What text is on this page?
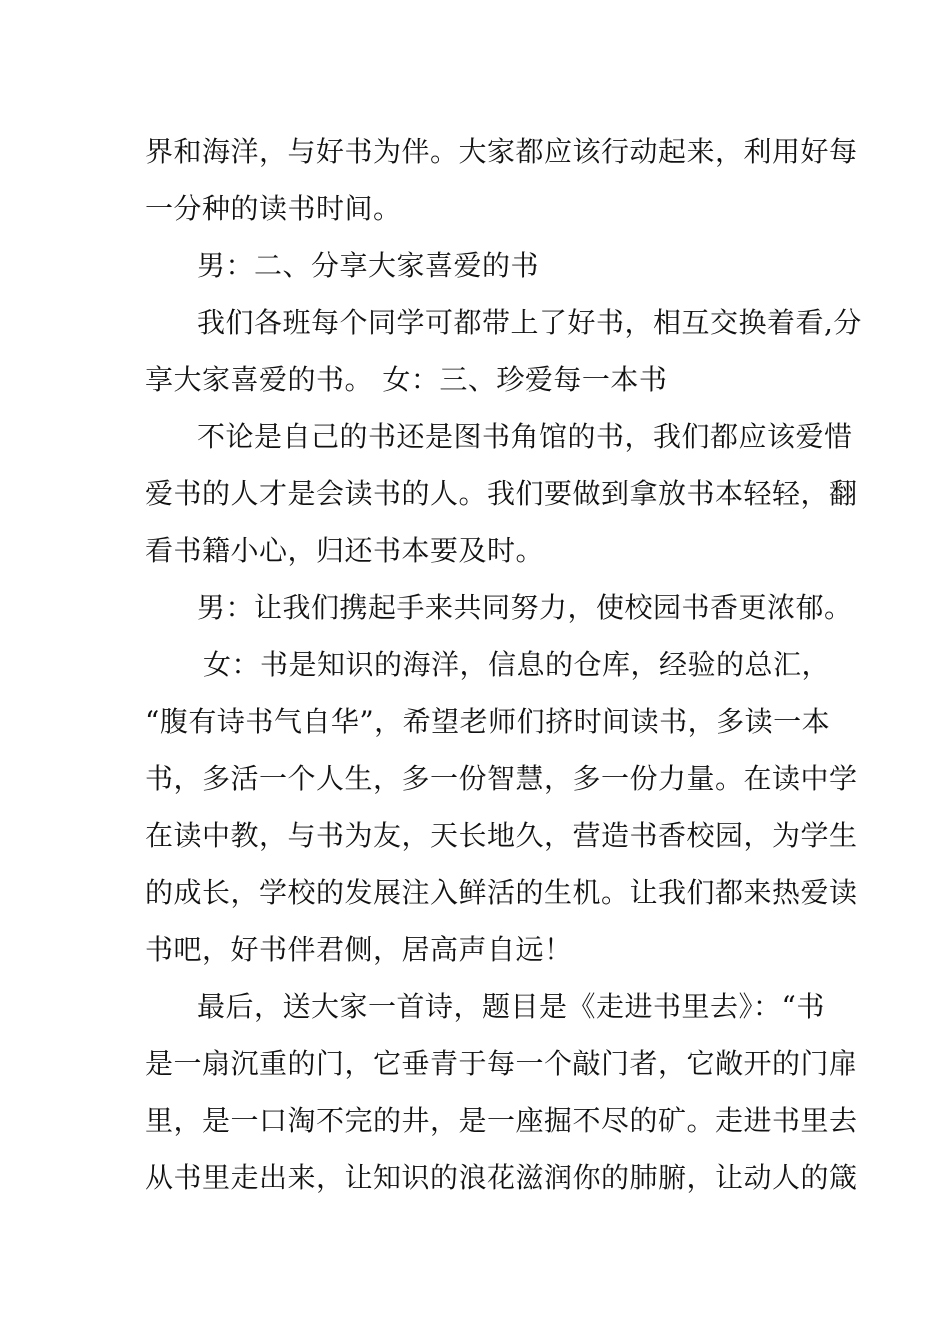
界和海洋，与好书为伴。大家都应该行动起来，利用好每
一分种的读书时间。
男：二、分享大家喜爱的书
我们各班每个同学可都带上了好书，相互交换着看,分
享大家喜爱的书。 女：三、珍爱每一本书
不论是自己的书还是图书角馆的书，我们都应该爱惜
爱书的人才是会读书的人。我们要做到拿放书本轻轻，翻
看书籍小心，归还书本要及时。
男：让我们携起手来共同努力，使校园书香更浓郁。
女：书是知识的海洋，信息的仓库，经验的总汇，
“腹有诗书气自华”，希望老师们挤时间读书，多读一本
书，多活一个人生，多一份智慧，多一份力量。在读中学
在读中教，与书为友，天长地久，营造书香校园，为学生
的成长，学校的发展注入鲜活的生机。让我们都来热爱读
书吧，好书伴君侧，居高声自远！
最后，送大家一首诗，题目是《走进书里去》：“书
是一扇沉重的门，它垂青于每一个敲门者，它敞开的门扉
里，是一口淘不完的井，是一座掘不尽的矿。走进书里去
从书里走出来，让知识的浪花滋润你的肺腑，让动人的箴
